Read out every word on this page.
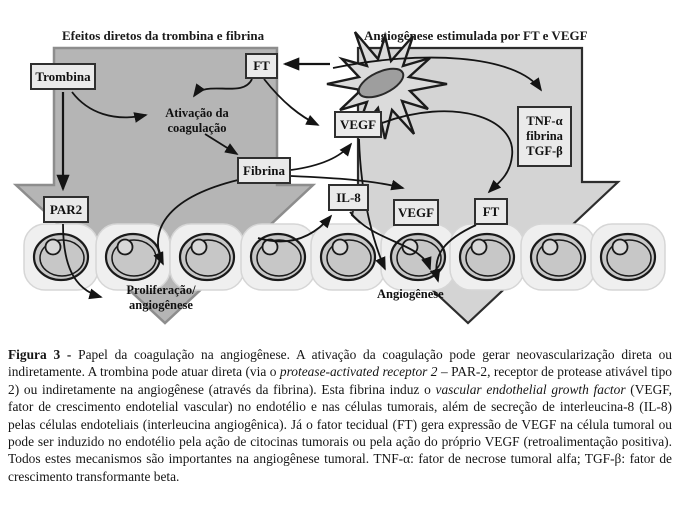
Efeitos diretos da trombina e fibrina	Angiogênese estimulada por FT e VEGF
Trombina
FT
Fibrina
VEGF	TNF-α
fibrina
TGF-β
PAR2
IL-8
VEGF	FT
Ativação da
coagulação
Proliferação/
angiogênese
Angiogênese
Figura 3 - Papel da coagulação na angiogênese. A ativação da coagulação pode gerar neovascularização direta ou indiretamente. A trombina pode atuar direta (via o protease-activated receptor 2 – PAR-2, receptor de protease ativável tipo 2) ou indiretamente na angiogênese (através da fibrina). Esta fibrina induz o vascular endothelial growth factor (VEGF, fator de crescimento endotelial vascular) no endotélio e nas células tumorais, além de secreção de interleucina-8 (IL-8) pelas células endoteliais (interleucina angiogênica). Já o fator tecidual (FT) gera expressão de VEGF na célula tumoral ou pode ser induzido no endotélio pela ação de citocinas tumorais ou pela ação do próprio VEGF (retroalimentação positiva). Todos estes mecanismos são importantes na angiogênese tumoral. TNF-α: fator de necrose tumoral alfa; TGF-β: fator de crescimento transformante beta.
